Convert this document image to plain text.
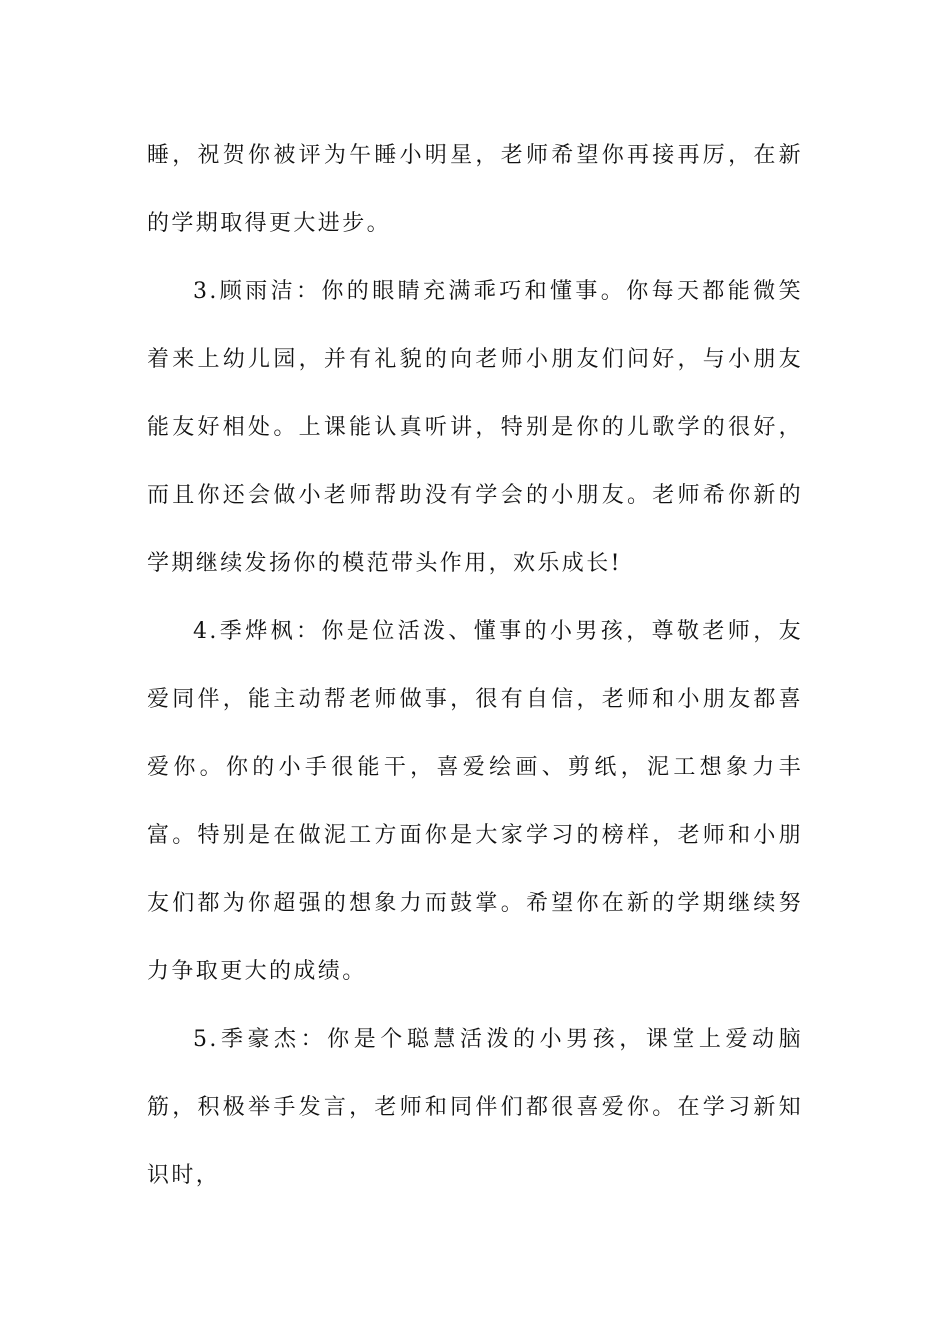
睡，祝贺你被评为午睡小明星，老师希望你再接再厉，在新的学期取得更大进步。

3.顾雨洁：你的眼睛充满乖巧和懂事。你每天都能微笑着来上幼儿园，并有礼貌的向老师小朋友们问好，与小朋友能友好相处。上课能认真听讲，特别是你的儿歌学的很好，而且你还会做小老师帮助没有学会的小朋友。老师希你新的学期继续发扬你的模范带头作用，欢乐成长!

4.季烨枫：你是位活泼、懂事的小男孩，尊敬老师，友爱同伴，能主动帮老师做事，很有自信，老师和小朋友都喜爱你。你的小手很能干，喜爱绘画、剪纸，泥工想象力丰富。特别是在做泥工方面你是大家学习的榜样，老师和小朋友们都为你超强的想象力而鼓掌。希望你在新的学期继续努力争取更大的成绩。

5.季豪杰：你是个聪慧活泼的小男孩，课堂上爱动脑筋，积极举手发言，老师和同伴们都很喜爱你。在学习新知识时，
